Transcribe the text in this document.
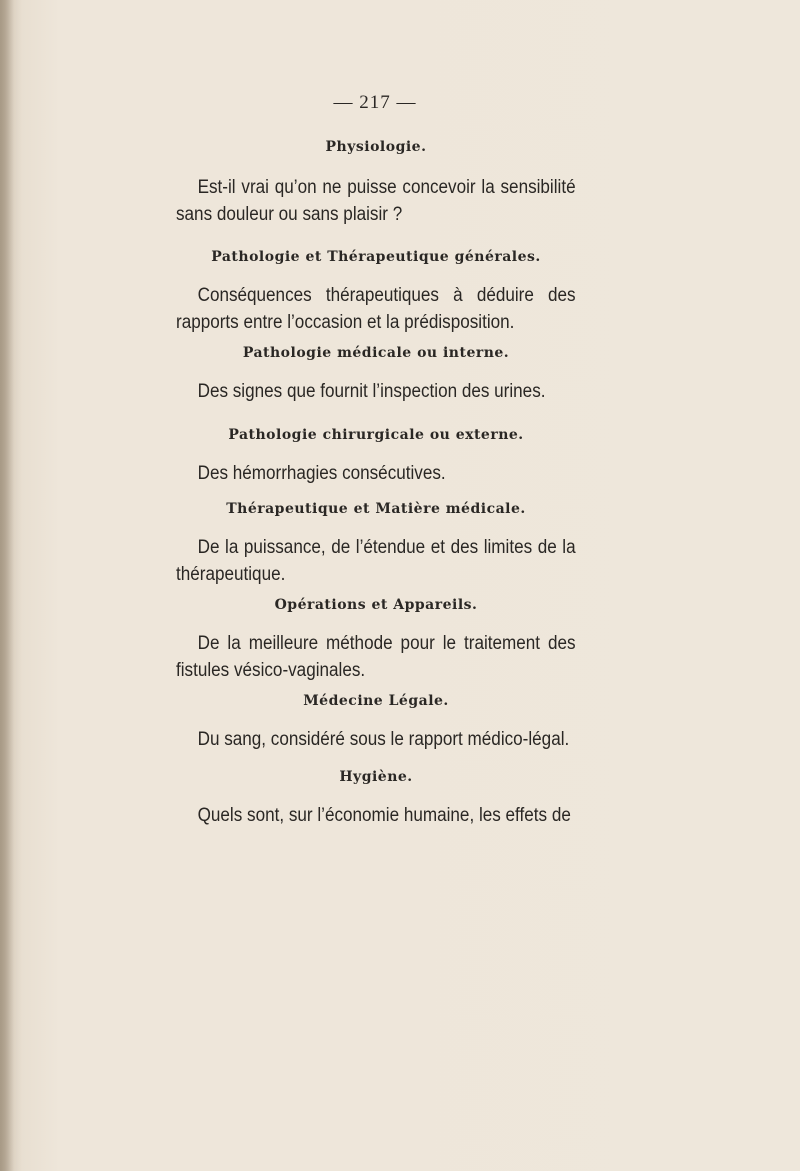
— 217 —

Physiologie.

Est-il vrai qu’on ne puisse concevoir la sensibilité sans douleur ou sans plaisir ?

Pathologie et Thérapeutique générales.

Conséquences thérapeutiques à déduire des rapports entre l’occasion et la prédisposition.

Pathologie médicale ou interne.

Des signes que fournit l’inspection des urines.

Pathologie chirurgicale ou externe.

Des hémorrhagies consécutives.

Thérapeutique et Matière médicale.

De la puissance, de l’étendue et des limites de la thérapeutique.

Opérations et Appareils.

De la meilleure méthode pour le traitement des fistules vésico-vaginales.

Médecine Légale.

Du sang, considéré sous le rapport médico-légal.

Hygiène.

Quels sont, sur l’économie humaine, les effets de
